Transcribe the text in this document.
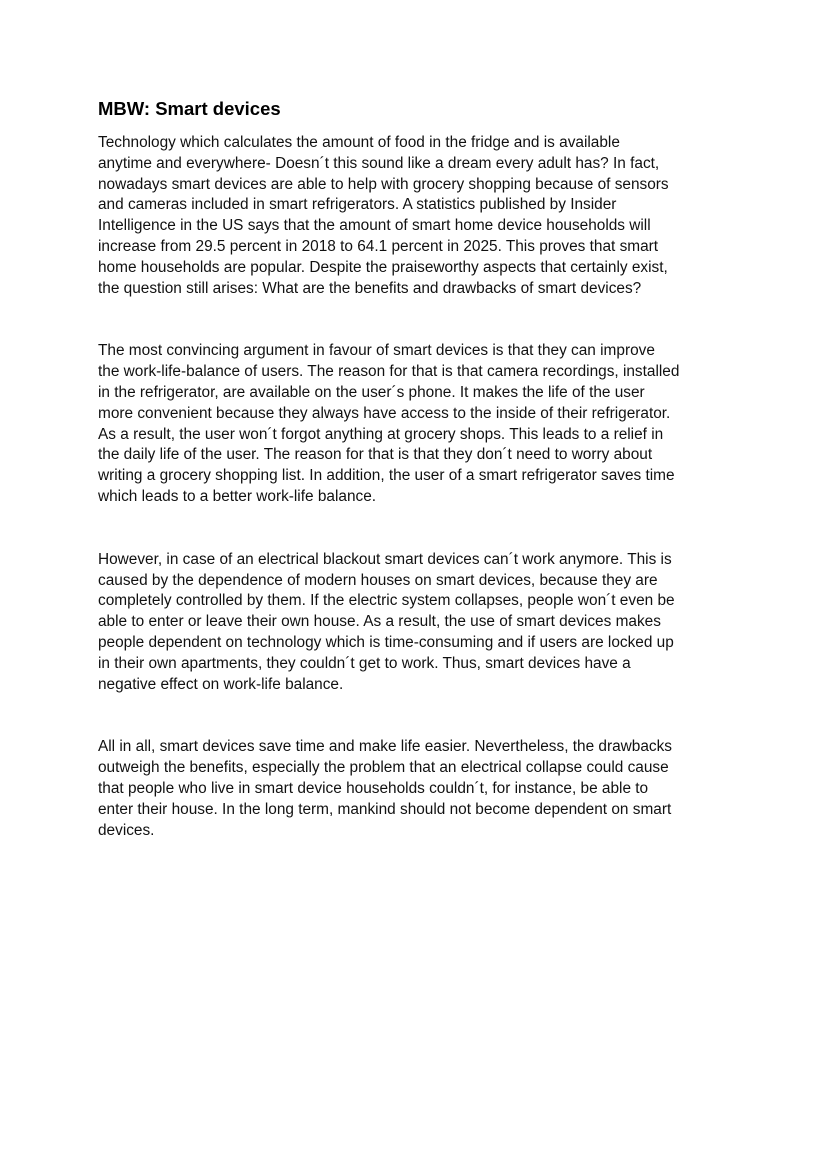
MBW: Smart devices

Technology which calculates the amount of food in the fridge and is available
anytime and everywhere- Doesn´t this sound like a dream every adult has? In fact,
nowadays smart devices are able to help with grocery shopping because of sensors
and cameras included in smart refrigerators. A statistics published by Insider
Intelligence in the US says that the amount of smart home device households will
increase from 29.5 percent in 2018 to 64.1 percent in 2025. This proves that smart
home households are popular. Despite the praiseworthy aspects that certainly exist,
the question still arises: What are the benefits and drawbacks of smart devices?

The most convincing argument in favour of smart devices is that they can improve
the work-life-balance of users. The reason for that is that camera recordings, installed
in the refrigerator, are available on the user´s phone. It makes the life of the user
more convenient because they always have access to the inside of their refrigerator.
As a result, the user won´t forgot anything at grocery shops. This leads to a relief in
the daily life of the user. The reason for that is that they don´t need to worry about
writing a grocery shopping list. In addition, the user of a smart refrigerator saves time
which leads to a better work-life balance.

However, in case of an electrical blackout smart devices can´t work anymore. This is
caused by the dependence of modern houses on smart devices, because they are
completely controlled by them. If the electric system collapses, people won´t even be
able to enter or leave their own house. As a result, the use of smart devices makes
people dependent on technology which is time-consuming and if users are locked up
in their own apartments, they couldn´t get to work. Thus, smart devices have a
negative effect on work-life balance.

All in all, smart devices save time and make life easier. Nevertheless, the drawbacks
outweigh the benefits, especially the problem that an electrical collapse could cause
that people who live in smart device households couldn´t, for instance, be able to
enter their house. In the long term, mankind should not become dependent on smart
devices.
